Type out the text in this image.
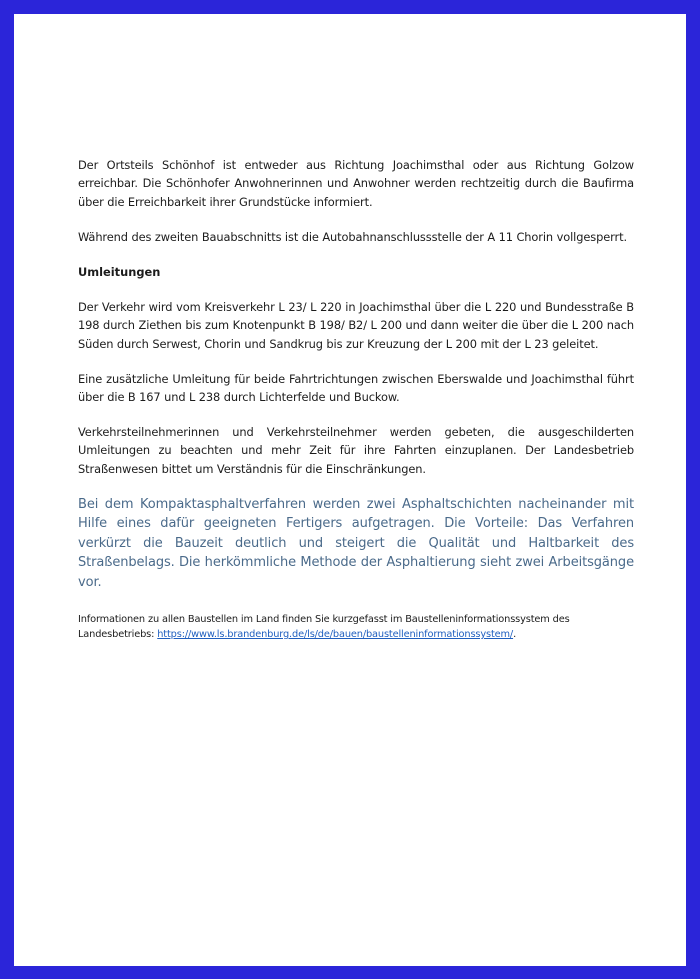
Der Ortsteils Schönhof ist entweder aus Richtung Joachimsthal oder aus Richtung Golzow erreichbar. Die Schönhofer Anwohnerinnen und Anwohner werden rechtzeitig durch die Baufirma über die Erreichbarkeit ihrer Grundstücke informiert.

Während des zweiten Bauabschnitts ist die Autobahnanschlussstelle der A 11 Chorin vollgesperrt.

Umleitungen

Der Verkehr wird vom Kreisverkehr L 23/ L 220 in Joachimsthal über die L 220 und Bundesstraße B 198 durch Ziethen bis zum Knotenpunkt B 198/ B2/ L 200 und dann weiter die über die L 200 nach Süden durch Serwest, Chorin und Sandkrug bis zur Kreuzung der L 200 mit der L 23 geleitet.

Eine zusätzliche Umleitung für beide Fahrtrichtungen zwischen Eberswalde und Joachimsthal führt über die B 167 und L 238 durch Lichterfelde und Buckow.

Verkehrsteilnehmerinnen und Verkehrsteilnehmer werden gebeten, die ausgeschilderten Umleitungen zu beachten und mehr Zeit für ihre Fahrten einzuplanen. Der Landesbetrieb Straßenwesen bittet um Verständnis für die Einschränkungen.

Bei dem Kompaktasphaltverfahren werden zwei Asphaltschichten nacheinander mit Hilfe eines dafür geeigneten Fertigers aufgetragen. Die Vorteile: Das Verfahren verkürzt die Bauzeit deutlich und steigert die Qualität und Haltbarkeit des Straßenbelags. Die herkömmliche Methode der Asphaltierung sieht zwei Arbeitsgänge vor.

Informationen zu allen Baustellen im Land finden Sie kurzgefasst im Baustelleninformationssystem des Landesbetriebs: https://www.ls.brandenburg.de/ls/de/bauen/baustelleninformationssystem/.
